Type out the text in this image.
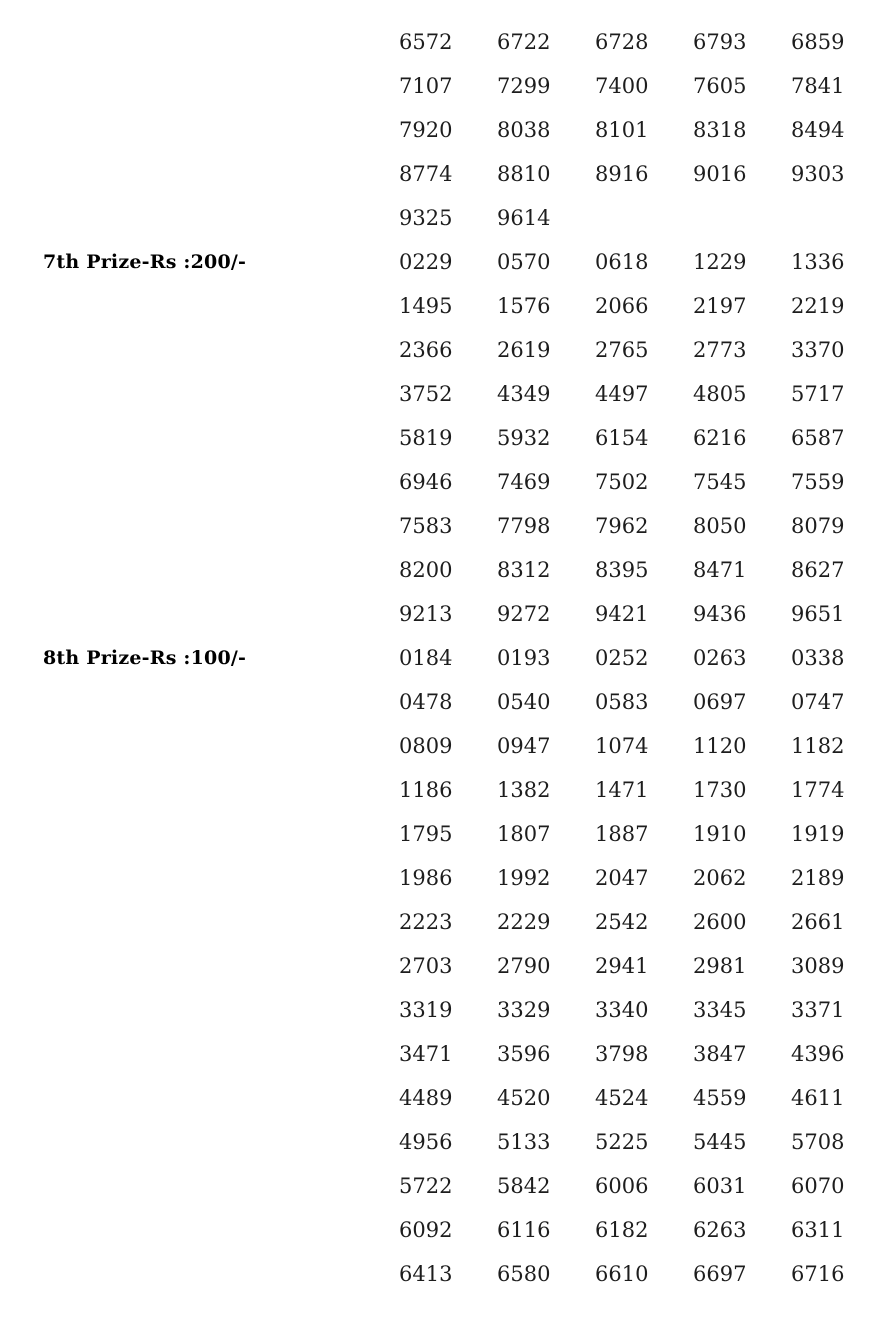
6572	6722	6728	6793	6859
7107	7299	7400	7605	7841
7920	8038	8101	8318	8494
8774	8810	8916	9016	9303
9325	9614
7th Prize-Rs :200/-	0229	0570	0618	1229	1336
1495	1576	2066	2197	2219
2366	2619	2765	2773	3370
3752	4349	4497	4805	5717
5819	5932	6154	6216	6587
6946	7469	7502	7545	7559
7583	7798	7962	8050	8079
8200	8312	8395	8471	8627
9213	9272	9421	9436	9651
8th Prize-Rs :100/-	0184	0193	0252	0263	0338
0478	0540	0583	0697	0747
0809	0947	1074	1120	1182
1186	1382	1471	1730	1774
1795	1807	1887	1910	1919
1986	1992	2047	2062	2189
2223	2229	2542	2600	2661
2703	2790	2941	2981	3089
3319	3329	3340	3345	3371
3471	3596	3798	3847	4396
4489	4520	4524	4559	4611
4956	5133	5225	5445	5708
5722	5842	6006	6031	6070
6092	6116	6182	6263	6311
6413	6580	6610	6697	6716
